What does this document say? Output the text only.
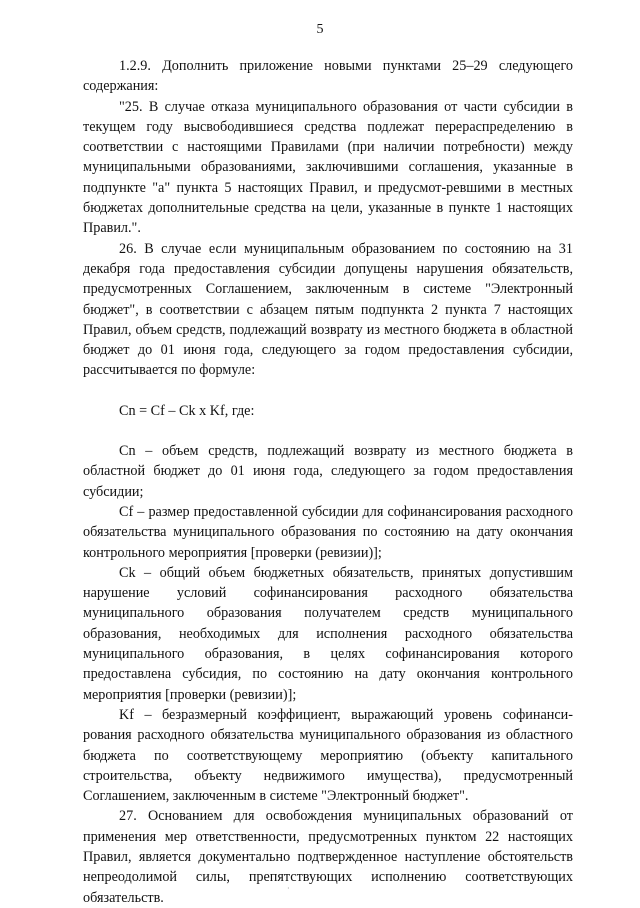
5

1.2.9. Дополнить приложение новыми пунктами 25–29 следующего содержания:

"25. В случае отказа муниципального образования от части субсидии в текущем году высвободившиеся средства подлежат перераспределению в соответствии с настоящими Правилами (при наличии потребности) между муниципальными образованиями, заключившими соглашения, указанные в подпункте "а" пункта 5 настоящих Правил, и предусмот-ревшими в местных бюджетах дополнительные средства на цели, указанные в пункте 1 настоящих Правил.".

26. В случае если муниципальным образованием по состоянию на 31 декабря года предоставления субсидии допущены нарушения обязательств, предусмотренных Соглашением, заключенным в системе "Электронный бюджет", в соответствии с абзацем пятым подпункта 2 пункта 7 настоящих Правил, объем средств, подлежащий возврату из местного бюджета в областной бюджет до 01 июня года, следующего за годом предоставления субсидии, рассчитывается по формуле:

Cn = Cf – Ck x Kf, где:

Cn – объем средств, подлежащий возврату из местного бюджета в областной бюджет до 01 июня года, следующего за годом предоставления субсидии;

Cf – размер предоставленной субсидии для софинансирования расходного обязательства муниципального образования по состоянию на дату окончания контрольного мероприятия [проверки (ревизии)];

Ck – общий объем бюджетных обязательств, принятых допустившим нарушение условий софинансирования расходного обязательства муниципального образования получателем средств муниципального образования, необходимых для исполнения расходного обязательства муниципального образования, в целях софинансирования которого предоставлена субсидия, по состоянию на дату окончания контрольного мероприятия [проверки (ревизии)];

Kf – безразмерный коэффициент, выражающий уровень софинанси-рования расходного обязательства муниципального образования из областного бюджета по соответствующему мероприятию (объекту капитального строительства, объекту недвижимого имущества), предусмотренный Соглашением, заключенным в системе "Электронный бюджет".

27. Основанием для освобождения муниципальных образований от применения мер ответственности, предусмотренных пунктом 22 настоящих Правил, является документально подтвержденное наступление обстоятельств непреодолимой силы, препятствующих исполнению соответствующих обязательств.

·
